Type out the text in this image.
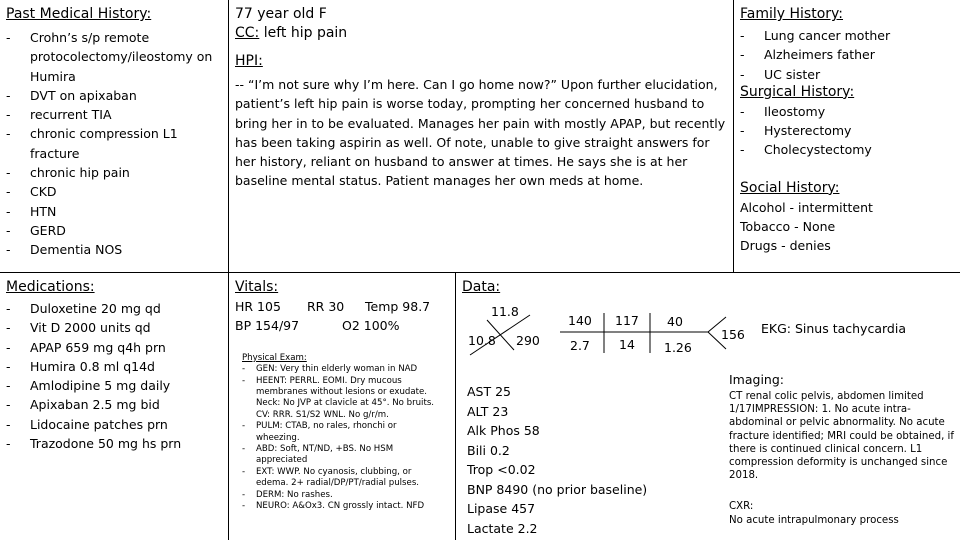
Past Medical History:
- Crohn’s s/p remote protocolectomy/ileostomy on Humira
- DVT on apixaban
- recurrent TIA
- chronic compression L1 fracture
- chronic hip pain
- CKD
- HTN
- GERD
- Dementia NOS
77 year old F
CC: left hip pain
HPI:
-- “I’m not sure why I’m here. Can I go home now?” Upon further elucidation, patient’s left hip pain is worse today, prompting her concerned husband to bring her in to be evaluated. Manages her pain with mostly APAP, but recently has been taking aspirin as well. Of note, unable to give straight answers for her history, reliant on husband to answer at times. He says she is at her baseline mental status. Patient manages her own meds at home.
Family History:
- Lung cancer mother
- Alzheimers father
- UC sister
Surgical History:
- Ileostomy
- Hysterectomy
- Cholecystectomy
Social History:
Alcohol - intermittent
Tobacco - None
Drugs - denies
Medications:
- Duloxetine 20 mg qd
- Vit D 2000 units qd
- APAP 659 mg q4h prn
- Humira 0.8 ml q14d
- Amlodipine 5 mg daily
- Apixaban 2.5 mg bid
- Lidocaine patches prn
- Trazodone 50 mg hs prn
Vitals:
HR 105 RR 30 Temp 98.7
BP 154/97	O2 100%
Physical Exam:
- GEN: Very thin elderly woman in NAD
- HEENT: PERRL. EOMI. Dry mucous membranes without lesions or exudate. Neck: No JVP at clavicle at 45°. No bruits. CV: RRR. S1/S2 WNL. No g/r/m.
- PULM: CTAB, no rales, rhonchi or wheezing.
- ABD: Soft, NT/ND, +BS. No HSM appreciated
- EXT: WWP. No cyanosis, clubbing, or edema. 2+ radial/DP/PT/radial pulses.
- DERM: No rashes.
- NEURO: A&Ox3. CN grossly intact. NFD
Data:
11.8
10.8 290
140 117 40
2.7 14 1.26
156
AST 25
ALT 23
Alk Phos 58
Bili 0.2
Trop <0.02
BNP 8490 (no prior baseline)
Lipase 457
Lactate 2.2
EKG: Sinus tachycardia
Imaging:
CT renal colic pelvis, abdomen limited 1/17IMPRESSION: 1. No acute intra-abdominal or pelvic abnormality. No acute fracture identified; MRI could be obtained, if there is continued clinical concern. L1 compression deformity is unchanged since 2018.
CXR:
No acute intrapulmonary process
